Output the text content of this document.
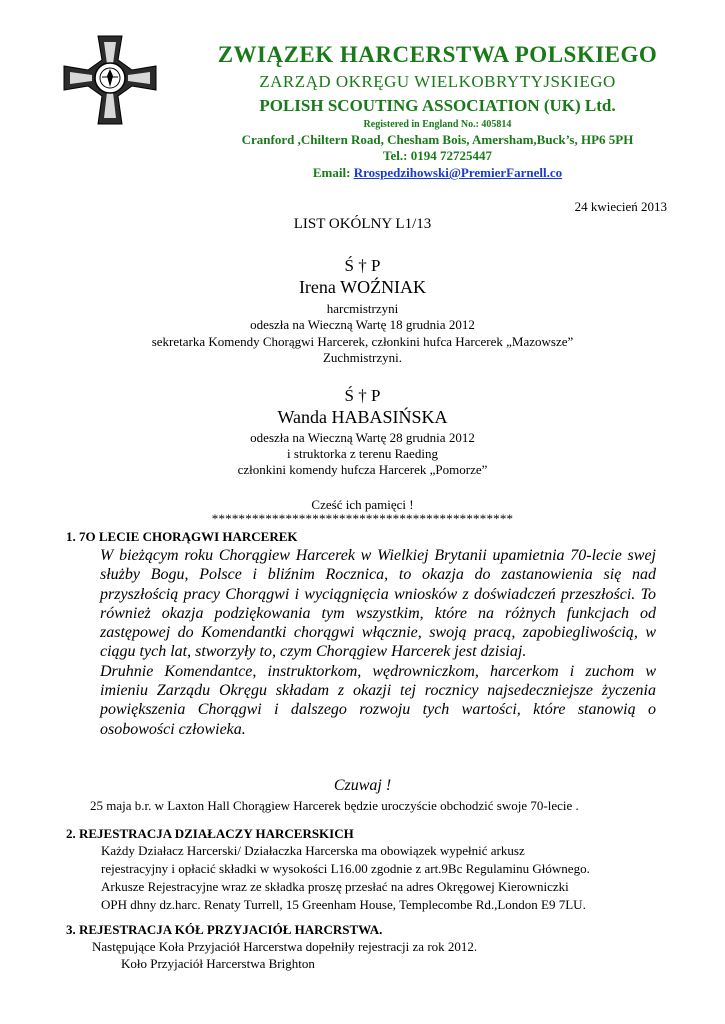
ZWIĄZEK HARCERSTWA POLSKIEGO
ZARZĄD OKRĘGU WIELKOBRYTYJSKIEGO
POLISH SCOUTING ASSOCIATION (UK) Ltd.
Registered in England No.: 405814
Cranford ,Chiltern Road, Chesham Bois, Amersham,Buck’s, HP6 5PH
Tel.: 0194 72725447
Email: Rrospedzihowski@PremierFarnell.co
24 kwiecień 2013
LIST OKÓLNY L1/13
Ś † P
Irena WOŹNIAK
harcmistrzyni
odeszła na Wieczną Wartę 18 grudnia 2012
sekretarka Komendy Chorągwi Harcerek, członkini hufca Harcerek „Mazowsze”
Zuchmistrzyni.
Ś † P
Wanda HABASIŃSKA
odeszła na Wieczną Wartę 28 grudnia 2012
i struktorka z terenu Raeding
członkini komendy hufcza Harcerek „Pomorze”
Cześć ich pamięci !
*********************************************
1. 7O LECIE CHORĄGWI HARCEREK

W bieżącym roku Chorągiew Harcerek w Wielkiej Brytanii upamietnia 70-lecie swej służby Bogu, Polsce i bliźnim Rocznica, to okazja do zastanowienia się nad przyszłością pracy Chorągwi i wyciągnięcia wniosków z doświadczeń przeszłości. To również okazja podziękowania tym wszystkim, które na różnych funkcjach od zastępowej do Komendantki chorągwi włącznie, swoją pracą, zapobiegliwością, w ciągu tych lat, stworzyły to, czym Chorągiew Harcerek jest dzisiaj.

Druhnie Komendantce, instruktorkom, wędrowniczkom, harcerkom i zuchom w imieniu Zarządu Okręgu składam z okazji tej rocznicy najsedeczniejsze życzenia powiększenia Chorągwi i dalszego rozwoju tych wartości, które stanowią o osobowości człowieka.

Czuwaj !
25 maja b.r. w Laxton Hall Chorągiew Harcerek będzie uroczyście obchodzić swoje 70-lecie .
2. REJESTRACJA DZIAŁACZY HARCERSKICH
Każdy Działacz Harcerski/ Działaczka Harcerska ma obowiązek wypełnić arkusz
rejestracyjny i opłacić składki w wysokości L16.00 zgodnie z art.9Bc Regulaminu Głównego.
Arkusze Rejestracyjne wraz ze składka proszę przesłać na adres Okręgowej Kierowniczki
OPH dhny dz.harc. Renaty Turrell, 15 Greenham House, Templecombe Rd.,London E9 7LU.
3. REJESTRACJA KÓŁ PRZYJACIÓŁ HARCRSTWA.
Następujące Koła Przyjaciół Harcerstwa dopełniły rejestracji za rok 2012.
Koło Przyjaciół Harcerstwa Brighton
